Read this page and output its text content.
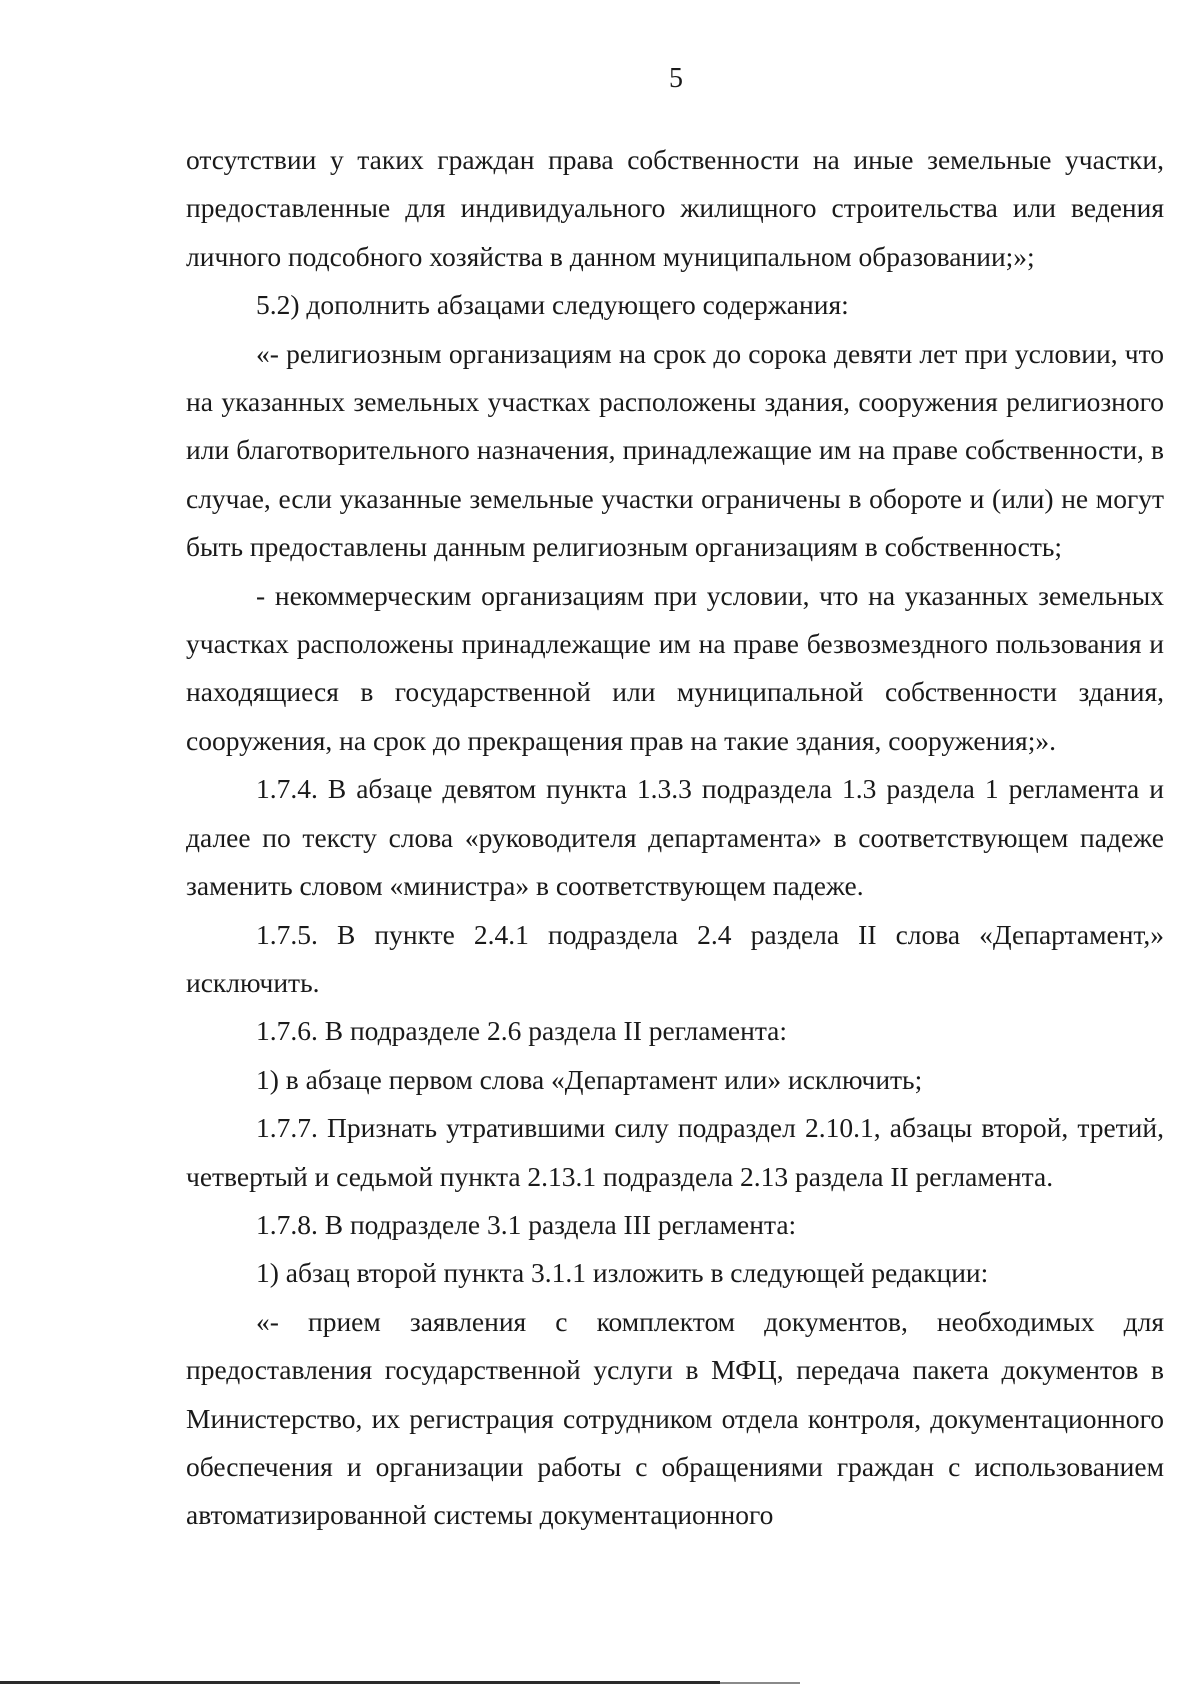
5

отсутствии у таких граждан права собственности на иные земельные участки, предоставленные для индивидуального жилищного строительства или ведения личного подсобного хозяйства в данном муниципальном образовании;»;

5.2) дополнить абзацами следующего содержания:

«- религиозным организациям на срок до сорока девяти лет при условии, что на указанных земельных участках расположены здания, сооружения религиозного или благотворительного назначения, принадлежащие им на праве собственности, в случае, если указанные земельные участки ограничены в обороте и (или) не могут быть предоставлены данным религиозным организациям в собственность;

- некоммерческим организациям при условии, что на указанных земельных участках расположены принадлежащие им на праве безвозмездного пользования и находящиеся в государственной или муниципальной собственности здания, сооружения, на срок до прекращения прав на такие здания, сооружения;».

1.7.4. В абзаце девятом пункта 1.3.3 подраздела 1.3 раздела 1 регламента и далее по тексту слова «руководителя департамента» в соответствующем падеже заменить словом «министра» в соответствующем падеже.

1.7.5. В пункте 2.4.1 подраздела 2.4 раздела II слова «Департамент,» исключить.

1.7.6. В подразделе 2.6 раздела II регламента:

1) в абзаце первом слова «Департамент или» исключить;

1.7.7. Признать утратившими силу подраздел 2.10.1, абзацы второй, третий, четвертый и седьмой пункта 2.13.1 подраздела 2.13 раздела II регламента.

1.7.8. В подразделе 3.1 раздела III регламента:

1) абзац второй пункта 3.1.1 изложить в следующей редакции:

«- прием заявления с комплектом документов, необходимых для предоставления государственной услуги в МФЦ, передача пакета документов в Министерство, их регистрация сотрудником отдела контроля, документационного обеспечения и организации работы с обращениями граждан с использованием автоматизированной системы документационного
